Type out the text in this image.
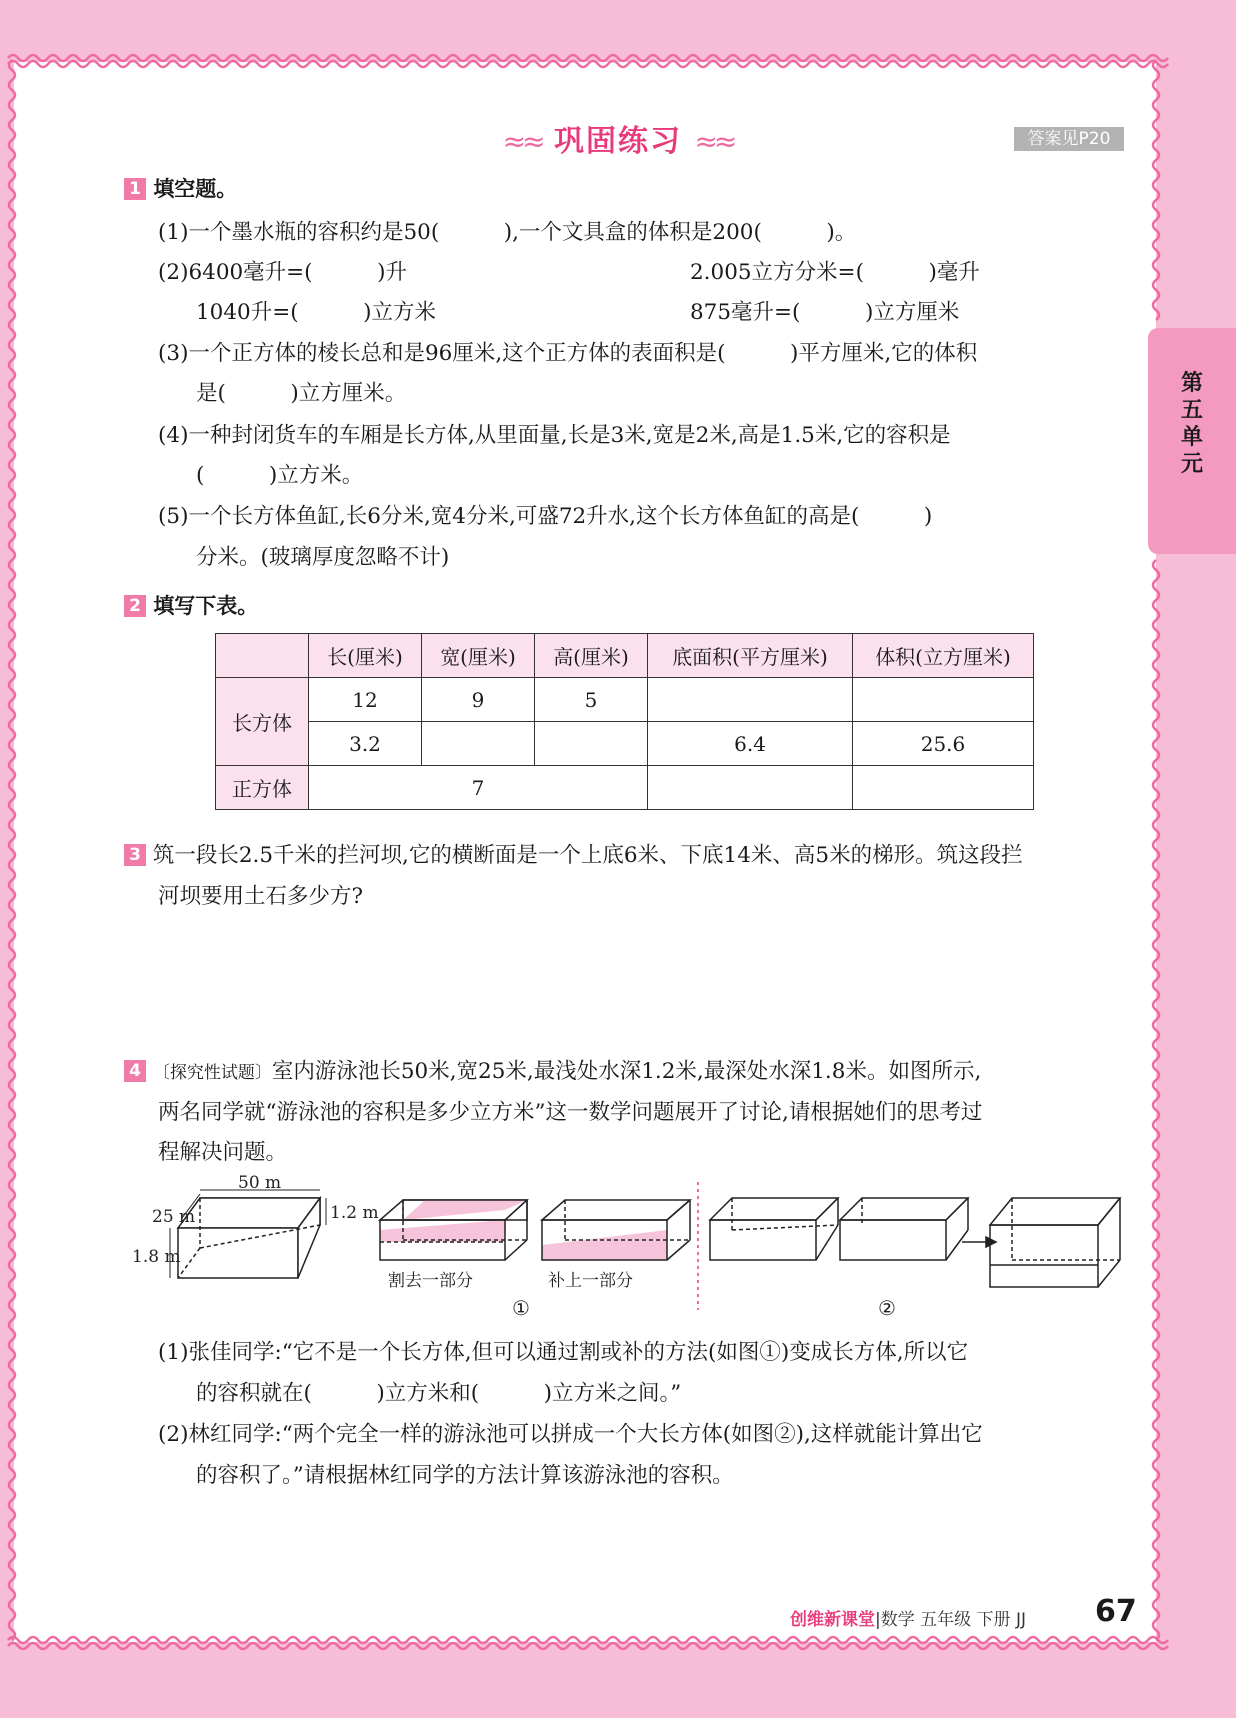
≈≈ 巩固练习 ≈≈	答案见P20
第五单元
1 填空题。
(1)一个墨水瓶的容积约是50(　　　),一个文具盒的体积是200(　　　)。
(2)6400毫升=(　　　)升	2.005立方分米=(　　　)毫升
1040升=(　　　)立方米	875毫升=(　　　)立方厘米
(3)一个正方体的棱长总和是96厘米,这个正方体的表面积是(　　　)平方厘米,它的体积
是(　　　)立方厘米。
(4)一种封闭货车的车厢是长方体,从里面量,长是3米,宽是2米,高是1.5米,它的容积是
(　　　)立方米。
(5)一个长方体鱼缸,长6分米,宽4分米,可盛72升水,这个长方体鱼缸的高是(　　　)
分米。(玻璃厚度忽略不计)
2 填写下表。
	长(厘米)	宽(厘米)	高(厘米)	底面积(平方厘米)	体积(立方厘米)
长方体	12	9	5		
	3.2			6.4	25.6
正方体	7				
3 筑一段长2.5千米的拦河坝,它的横断面是一个上底6米、下底14米、高5米的梯形。筑这段拦
河坝要用土石多少方?
4 〔探究性试题〕室内游泳池长50米,宽25米,最浅处水深1.2米,最深处水深1.8米。如图所示,
两名同学就“游泳池的容积是多少立方米”这一数学问题展开了讨论,请根据她们的思考过
程解决问题。
50 m
25 m	1.2 m
1.8 m
割去一部分	补上一部分
①	②
(1)张佳同学:“它不是一个长方体,但可以通过割或补的方法(如图①)变成长方体,所以它
的容积就在(　　　)立方米和(　　　)立方米之间。”
(2)林红同学:“两个完全一样的游泳池可以拼成一个大长方体(如图②),这样就能计算出它
的容积了。”请根据林红同学的方法计算该游泳池的容积。
创维新课堂|数学 五年级 下册 JJ 67
